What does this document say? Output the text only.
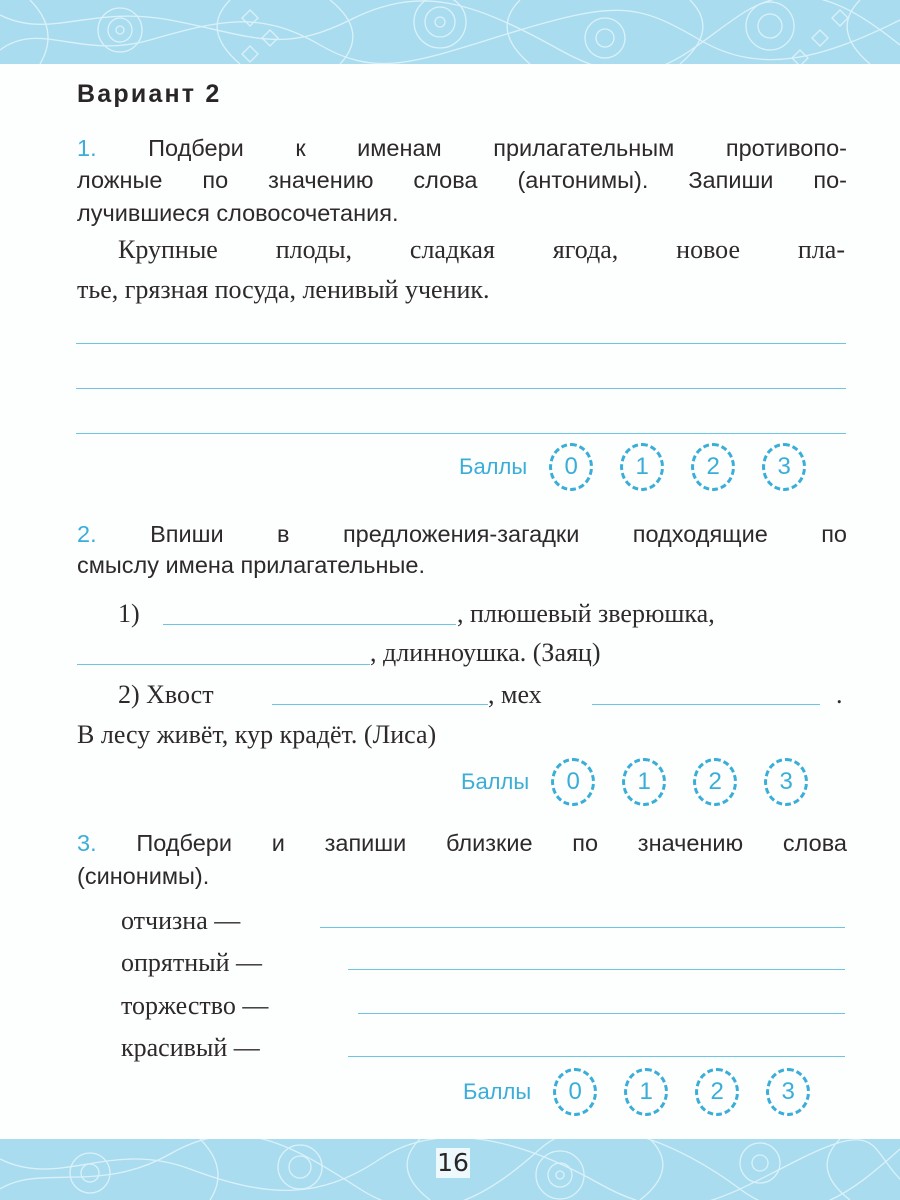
Вариант 2
1. Подбери к именам прилагательным противопо-
ложные по значению слова (антонимы). Запиши по-
лучившиеся словосочетания.
Крупные плоды, сладкая ягода, новое пла-
тье, грязная посуда, ленивый ученик.
Баллы	0	1	2	3
2. Впиши в предложения-загадки подходящие по
смыслу имена прилагательные.
1)	, плюшевый зверюшка,
, длинноушка. (Заяц)
2) Хвост	, мех	.
В лесу живёт, кур крадёт. (Лиса)
Баллы	0	1	2	3
3. Подбери и запиши близкие по значению слова
(синонимы).
отчизна —
опрятный —
торжество —
красивый —
Баллы	0	1	2	3
16
